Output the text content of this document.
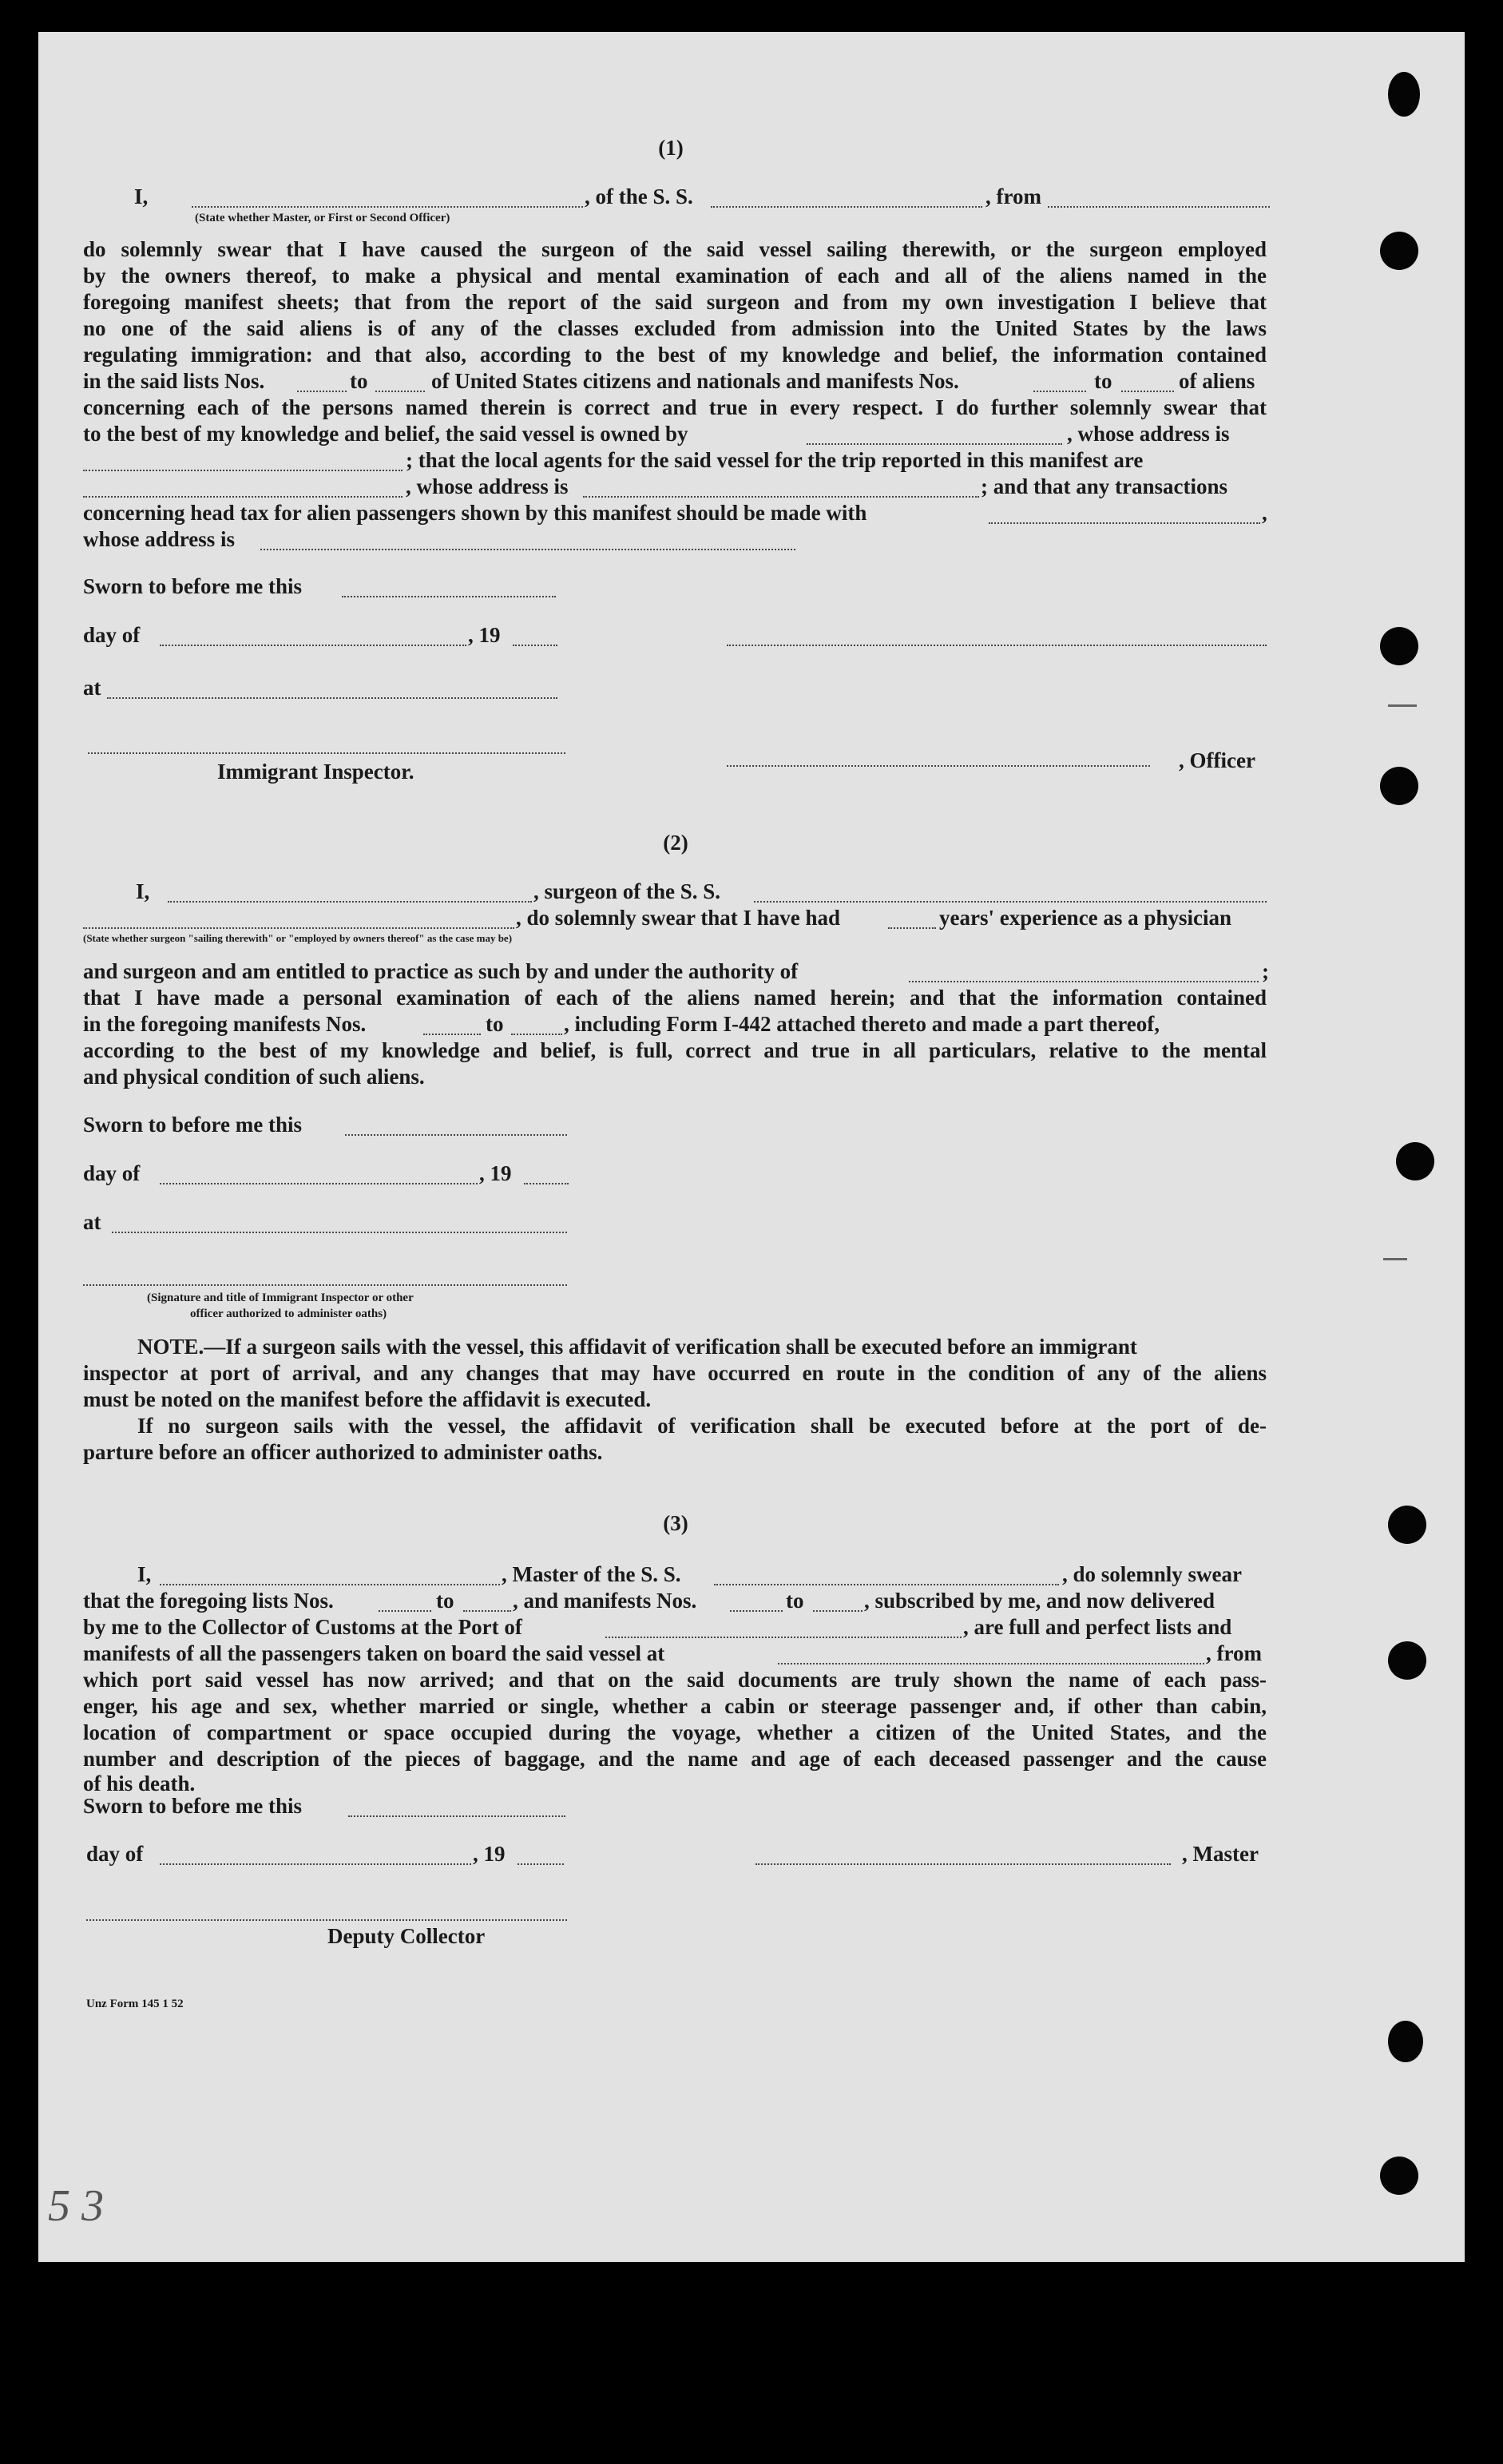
(1)
I,	, of the S. S.	, from
(State whether Master, or First or Second Officer)
do solemnly swear that I have caused the surgeon of the said vessel sailing therewith, or the surgeon employed
by the owners thereof, to make a physical and mental examination of each and all of the aliens named in the
foregoing manifest sheets; that from the report of the said surgeon and from my own investigation I believe that
no one of the said aliens is of any of the classes excluded from admission into the United States by the laws
regulating immigration: and that also, according to the best of my knowledge and belief, the information contained
in the said lists Nos.	to	of United States citizens and nationals and manifests Nos.	to	of aliens
concerning each of the persons named therein is correct and true in every respect. I do further solemnly swear that
to the best of my knowledge and belief, the said vessel is owned by	, whose address is
; that the local agents for the said vessel for the trip reported in this manifest are
, whose address is	; and that any transactions
concerning head tax for alien passengers shown by this manifest should be made with	,
whose address is
Sworn to before me this
day of	, 19
at
Immigrant Inspector.	, Officer
(2)
I,	, surgeon of the S. S.
, do solemnly swear that I have had	years' experience as a physician
(State whether surgeon "sailing therewith" or "employed by owners thereof" as the case may be)
and surgeon and am entitled to practice as such by and under the authority of	;
that I have made a personal examination of each of the aliens named herein; and that the information contained
in the foregoing manifests Nos.	to	, including Form I-442 attached thereto and made a part thereof,
according to the best of my knowledge and belief, is full, correct and true in all particulars, relative to the mental
and physical condition of such aliens.
Sworn to before me this
day of	, 19
at
(Signature and title of Immigrant Inspector or other
officer authorized to administer oaths)
NOTE.—If a surgeon sails with the vessel, this affidavit of verification shall be executed before an immigrant
inspector at port of arrival, and any changes that may have occurred en route in the condition of any of the aliens
must be noted on the manifest before the affidavit is executed.
If no surgeon sails with the vessel, the affidavit of verification shall be executed before at the port of de-
parture before an officer authorized to administer oaths.
(3)
I,	, Master of the S. S.	, do solemnly swear
that the foregoing lists Nos.	to	, and manifests Nos.	to	, subscribed by me, and now delivered
by me to the Collector of Customs at the Port of	, are full and perfect lists and
manifests of all the passengers taken on board the said vessel at	, from
which port said vessel has now arrived; and that on the said documents are truly shown the name of each pass-
enger, his age and sex, whether married or single, whether a cabin or steerage passenger and, if other than cabin,
location of compartment or space occupied during the voyage, whether a citizen of the United States, and the
number and description of the pieces of baggage, and the name and age of each deceased passenger and the cause
of his death.
Sworn to before me this
day of	, 19	, Master
Deputy Collector
Unz Form 145 1 52
5 3
